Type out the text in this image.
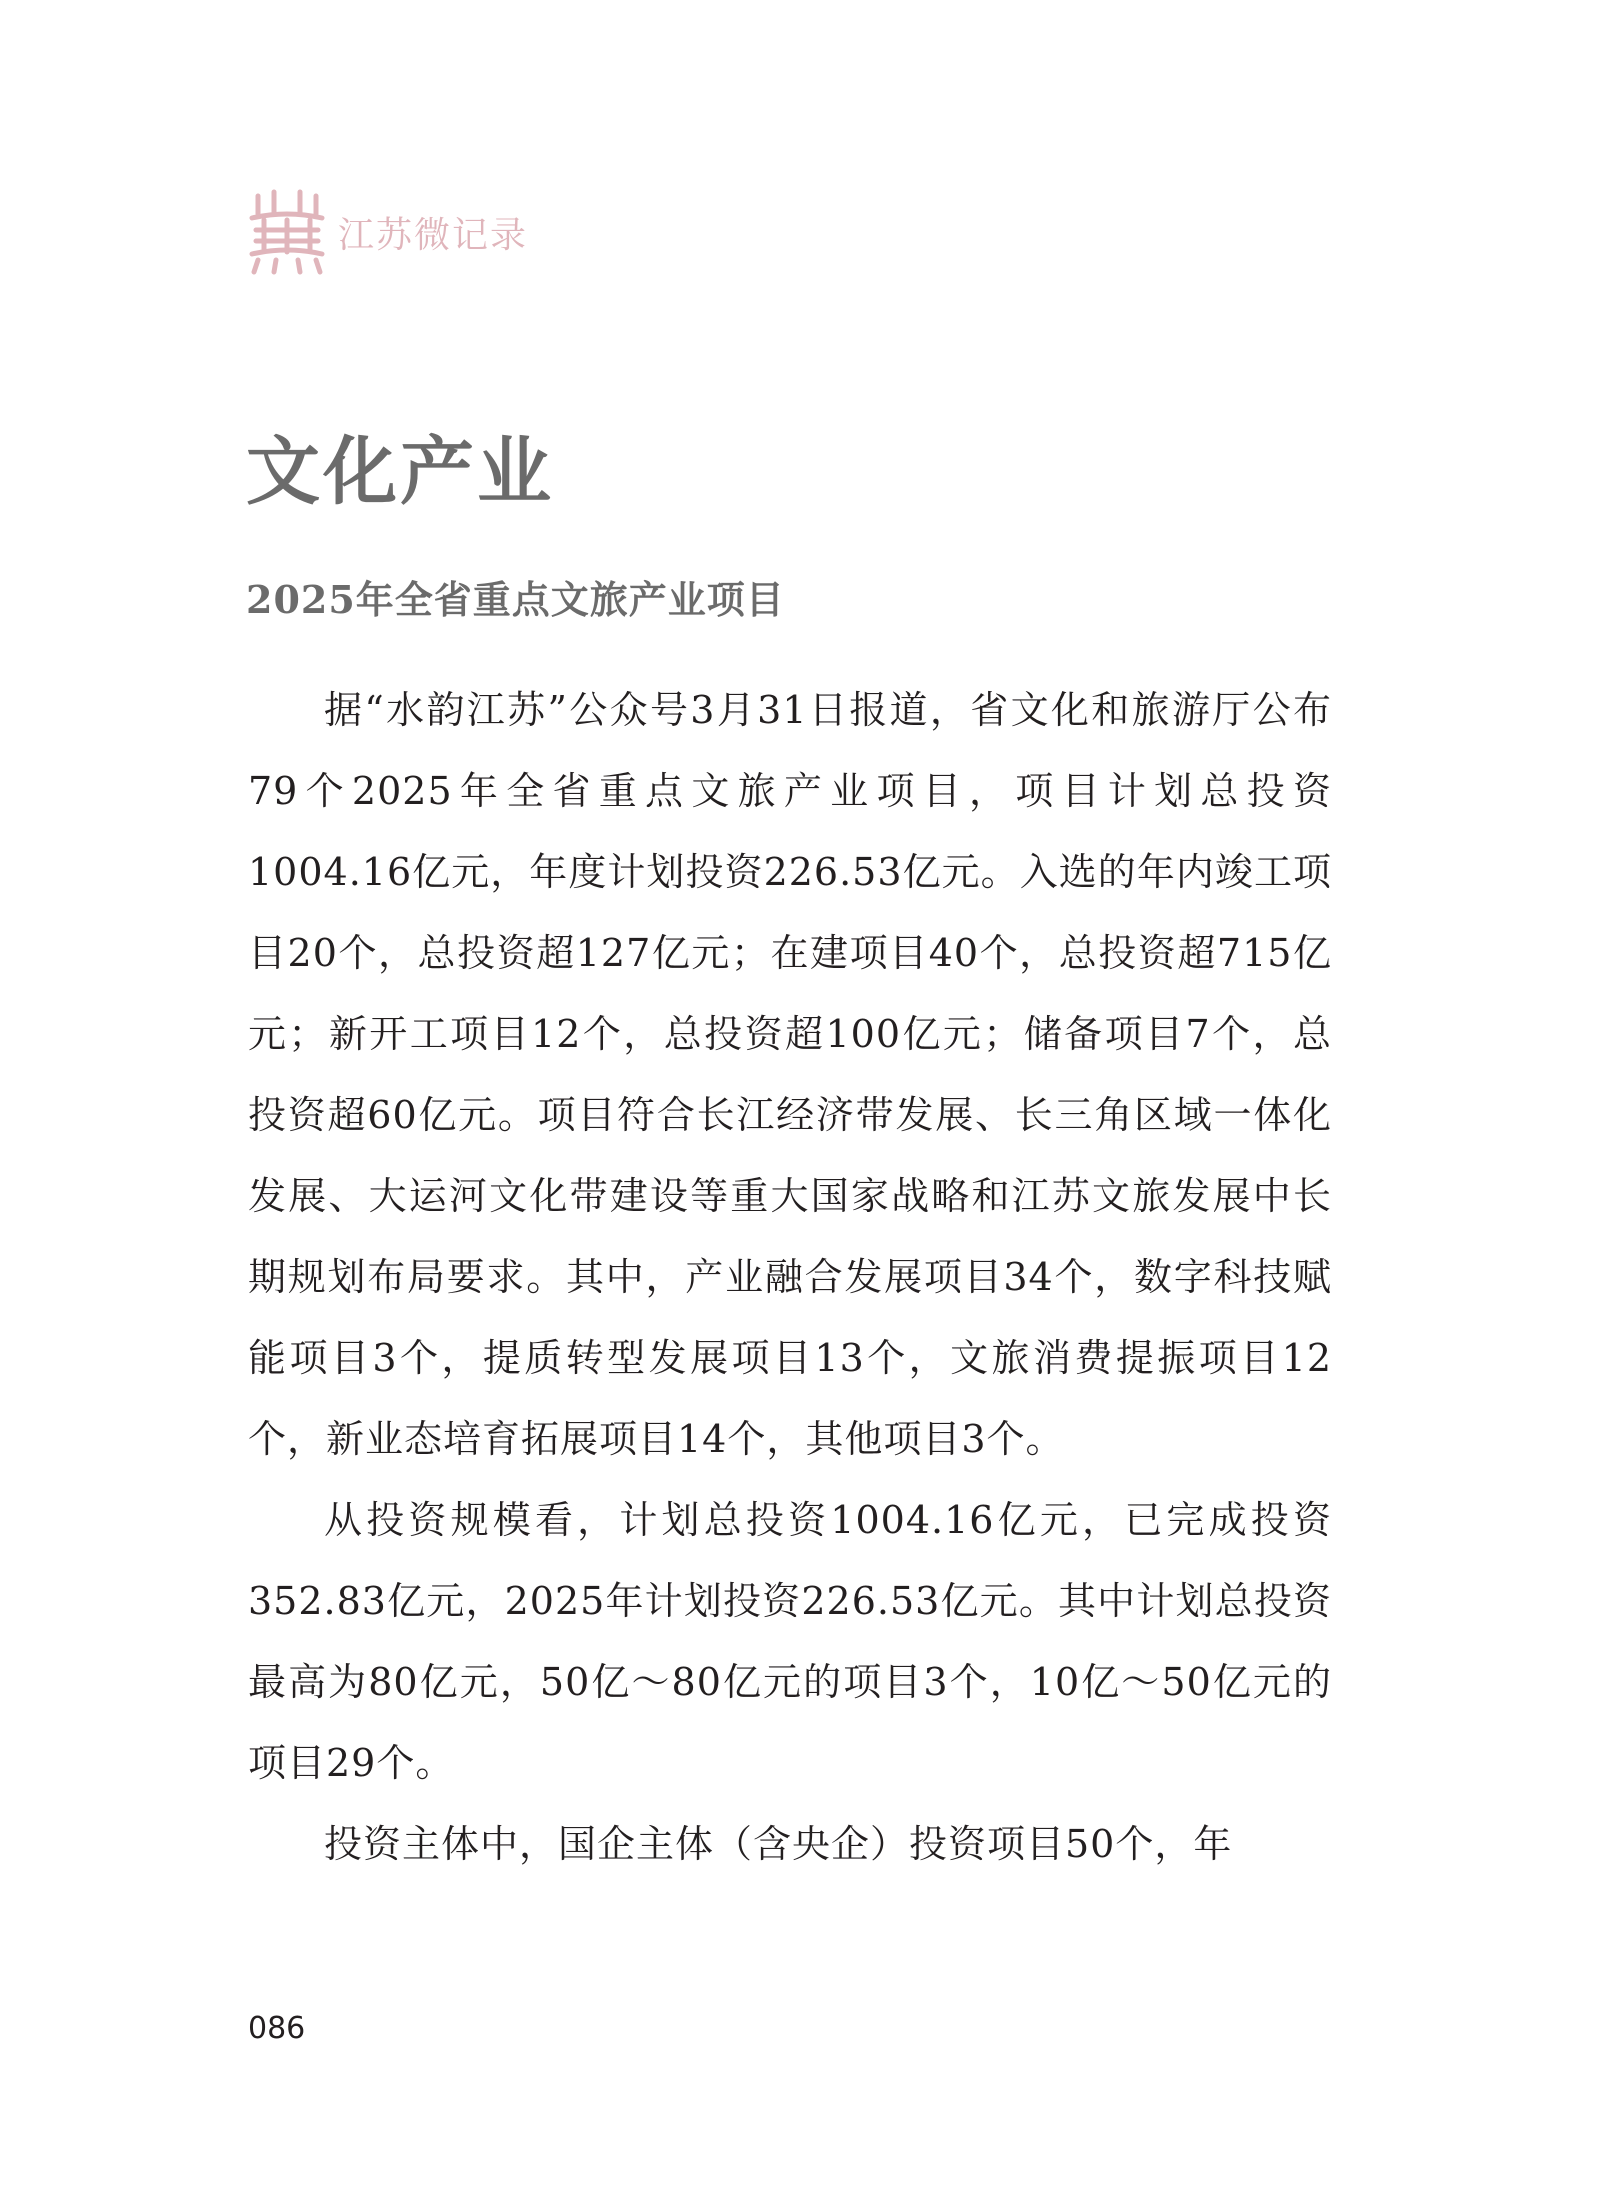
江苏微记录
文化产业
2025年全省重点文旅产业项目

据“水韵江苏”公众号3月31日报道，省文化和旅游厅公布79个2025年全省重点文旅产业项目，项目计划总投资1004.16亿元，年度计划投资226.53亿元。入选的年内竣工项目20个，总投资超127亿元；在建项目40个，总投资超715亿元；新开工项目12个，总投资超100亿元；储备项目7个，总投资超60亿元。项目符合长江经济带发展、长三角区域一体化发展、大运河文化带建设等重大国家战略和江苏文旅发展中长期规划布局要求。其中，产业融合发展项目34个，数字科技赋能项目3个，提质转型发展项目13个，文旅消费提振项目12个，新业态培育拓展项目14个，其他项目3个。

从投资规模看，计划总投资1004.16亿元，已完成投资352.83亿元，2025年计划投资226.53亿元。其中计划总投资最高为80亿元，50亿～80亿元的项目3个，10亿～50亿元的项目29个。

投资主体中，国企主体（含央企）投资项目50个，年

086
